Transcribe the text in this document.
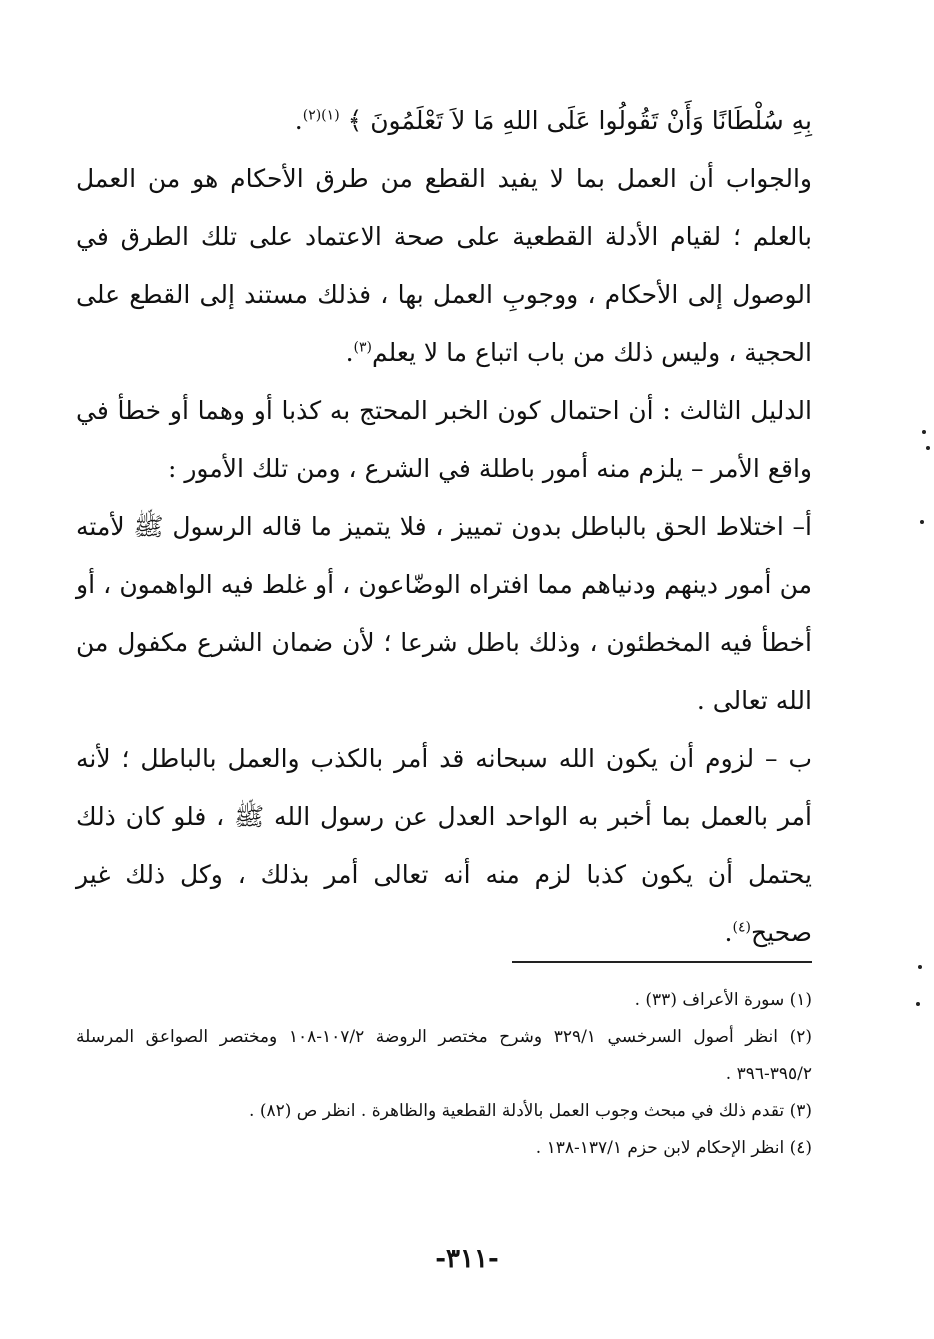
بِهِ سُلْطَانًا وَأَنْ تَقُولُوا عَلَى اللهِ مَا لاَ تَعْلَمُونَ ﴾ $^{(١)(٢)}$.

والجواب أن العمل بما لا يفيد القطع من طرق الأحكام هو من العمل بالعلم ؛ لقيام الأدلة القطعية على صحة الاعتماد على تلك الطرق في الوصول إلى الأحكام ، ووجوبِ العمل بها ، فذلك مستند إلى القطع على الحجية ، وليس ذلك من باب اتباع ما لا يعلم$^{(٣)}$.

الدليل الثالث : أن احتمال كون الخبر المحتج به كذبا أو وهما أو خطأ في واقع الأمر – يلزم منه أمور باطلة في الشرع ، ومن تلك الأمور :

أ– اختلاط الحق بالباطل بدون تمييز ، فلا يتميز ما قاله الرسول ﷺ لأمته من أمور دينهم ودنياهم مما افتراه الوضّاعون ، أو غلط فيه الواهمون ، أو أخطأ فيه المخطئون ، وذلك باطل شرعا ؛ لأن ضمان الشرع مكفول من الله تعالى .

ب – لزوم أن يكون الله سبحانه قد أمر بالكذب والعمل بالباطل ؛ لأنه أمر بالعمل بما أخبر به الواحد العدل عن رسول الله ﷺ ، فلو كان ذلك يحتمل أن يكون كذبا لزم منه أنه تعالى أمر بذلك ، وكل ذلك غير صحيح$^{(٤)}$.

(١) سورة الأعراف (٣٣) .

(٢) انظر أصول السرخسي ٣٢٩/١ وشرح مختصر الروضة ١٠٧/٢-١٠٨ ومختصر الصواعق المرسلة ٣٩٥/٢-٣٩٦ .

(٣) تقدم ذلك في مبحث وجوب العمل بالأدلة القطعية والظاهرة . انظر ص (٨٢) .

(٤) انظر الإحكام لابن حزم ١٣٧/١-١٣٨ .

-٣١١-
